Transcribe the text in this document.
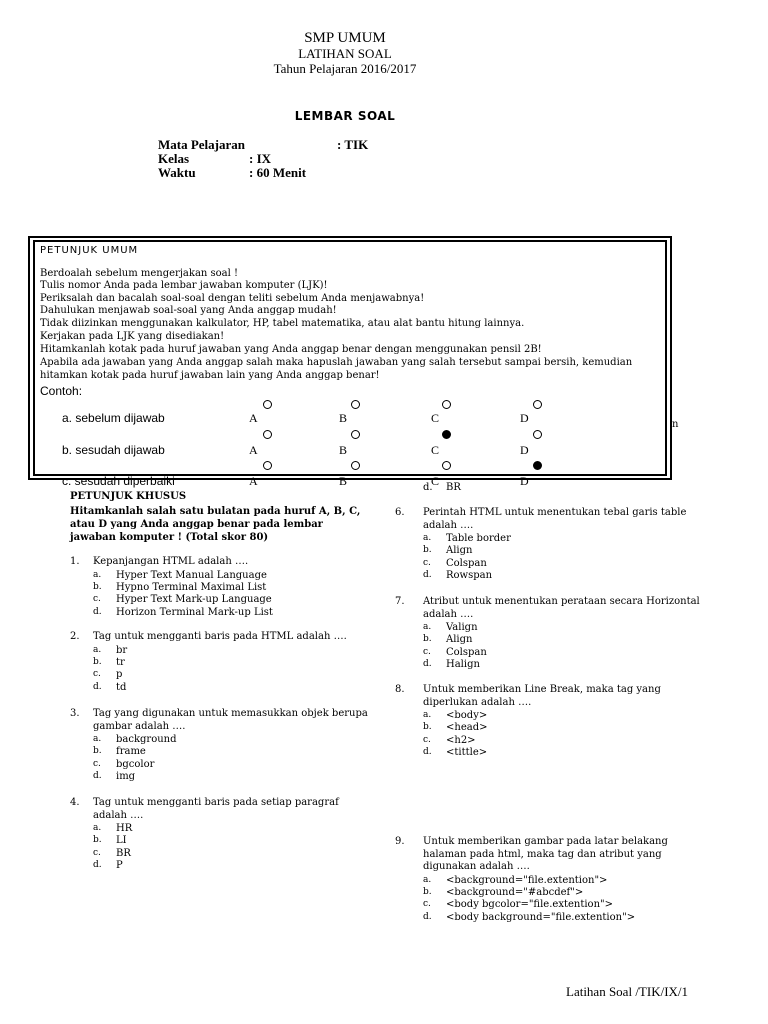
SMP UMUM
LATIHAN SOAL
Tahun Pelajaran 2016/2017
LEMBAR SOAL
Mata Pelajaran	: TIK
Kelas	: IX
Waktu	: 60 Menit
n
d. BR
PETUNJUK UMUM
Berdoalah sebelum mengerjakan soal !
Tulis nomor Anda pada lembar jawaban komputer (LJK)!
Periksalah dan bacalah soal-soal dengan teliti sebelum Anda menjawabnya!
Dahulukan menjawab soal-soal yang Anda anggap mudah!
Tidak diizinkan menggunakan kalkulator, HP, tabel matematika, atau alat bantu hitung lainnya.
Kerjakan pada LJK yang disediakan!
Hitamkanlah kotak pada huruf jawaban yang Anda anggap benar dengan menggunakan pensil 2B!
Apabila ada jawaban yang Anda anggap salah maka hapuslah jawaban yang salah tersebut sampai bersih, kemudian
hitamkan kotak pada huruf jawaban lain yang Anda anggap benar!
Contoh:
a. sebelum dijawab	A	B	C	D
b. sesudah dijawab	A	B	C	D
c. sesudah diperbaiki	A	B	C	D
PETUNJUK KHUSUS
Hitamkanlah salah satu bulatan pada huruf A, B, C,
atau D yang Anda anggap benar pada lembar
jawaban komputer ! (Total skor 80)
1. Kepanjangan HTML adalah ….
a. Hyper Text Manual Language
b. Hypno Terminal Maximal List
c. Hyper Text Mark-up Language
d. Horizon Terminal Mark-up List
2. Tag untuk mengganti baris pada HTML adalah ….
a. br
b. tr
c. p
d. td
3. Tag yang digunakan untuk memasukkan objek berupa
gambar adalah ….
a. background
b. frame
c. bgcolor
d. img
4. Tag untuk mengganti baris pada setiap paragraf
adalah ….
a. HR
b. LI
c. BR
d. P
6. Perintah HTML untuk menentukan tebal garis table
adalah ….
a. Table border
b. Align
c. Colspan
d. Rowspan
7. Atribut untuk menentukan perataan secara Horizontal
adalah ….
a. Valign
b. Align
c. Colspan
d. Halign
8. Untuk memberikan Line Break, maka tag yang
diperlukan adalah ….
a. <body>
b. <head>
c. <h2>
d. <tittle>
9. Untuk memberikan gambar pada latar belakang
halaman pada html, maka tag dan atribut yang
digunakan adalah ….
a. <background="file.extention">
b. <background="#abcdef">
c. <body bgcolor="file.extention">
d. <body background="file.extention">
Latihan Soal /TIK/IX/1
